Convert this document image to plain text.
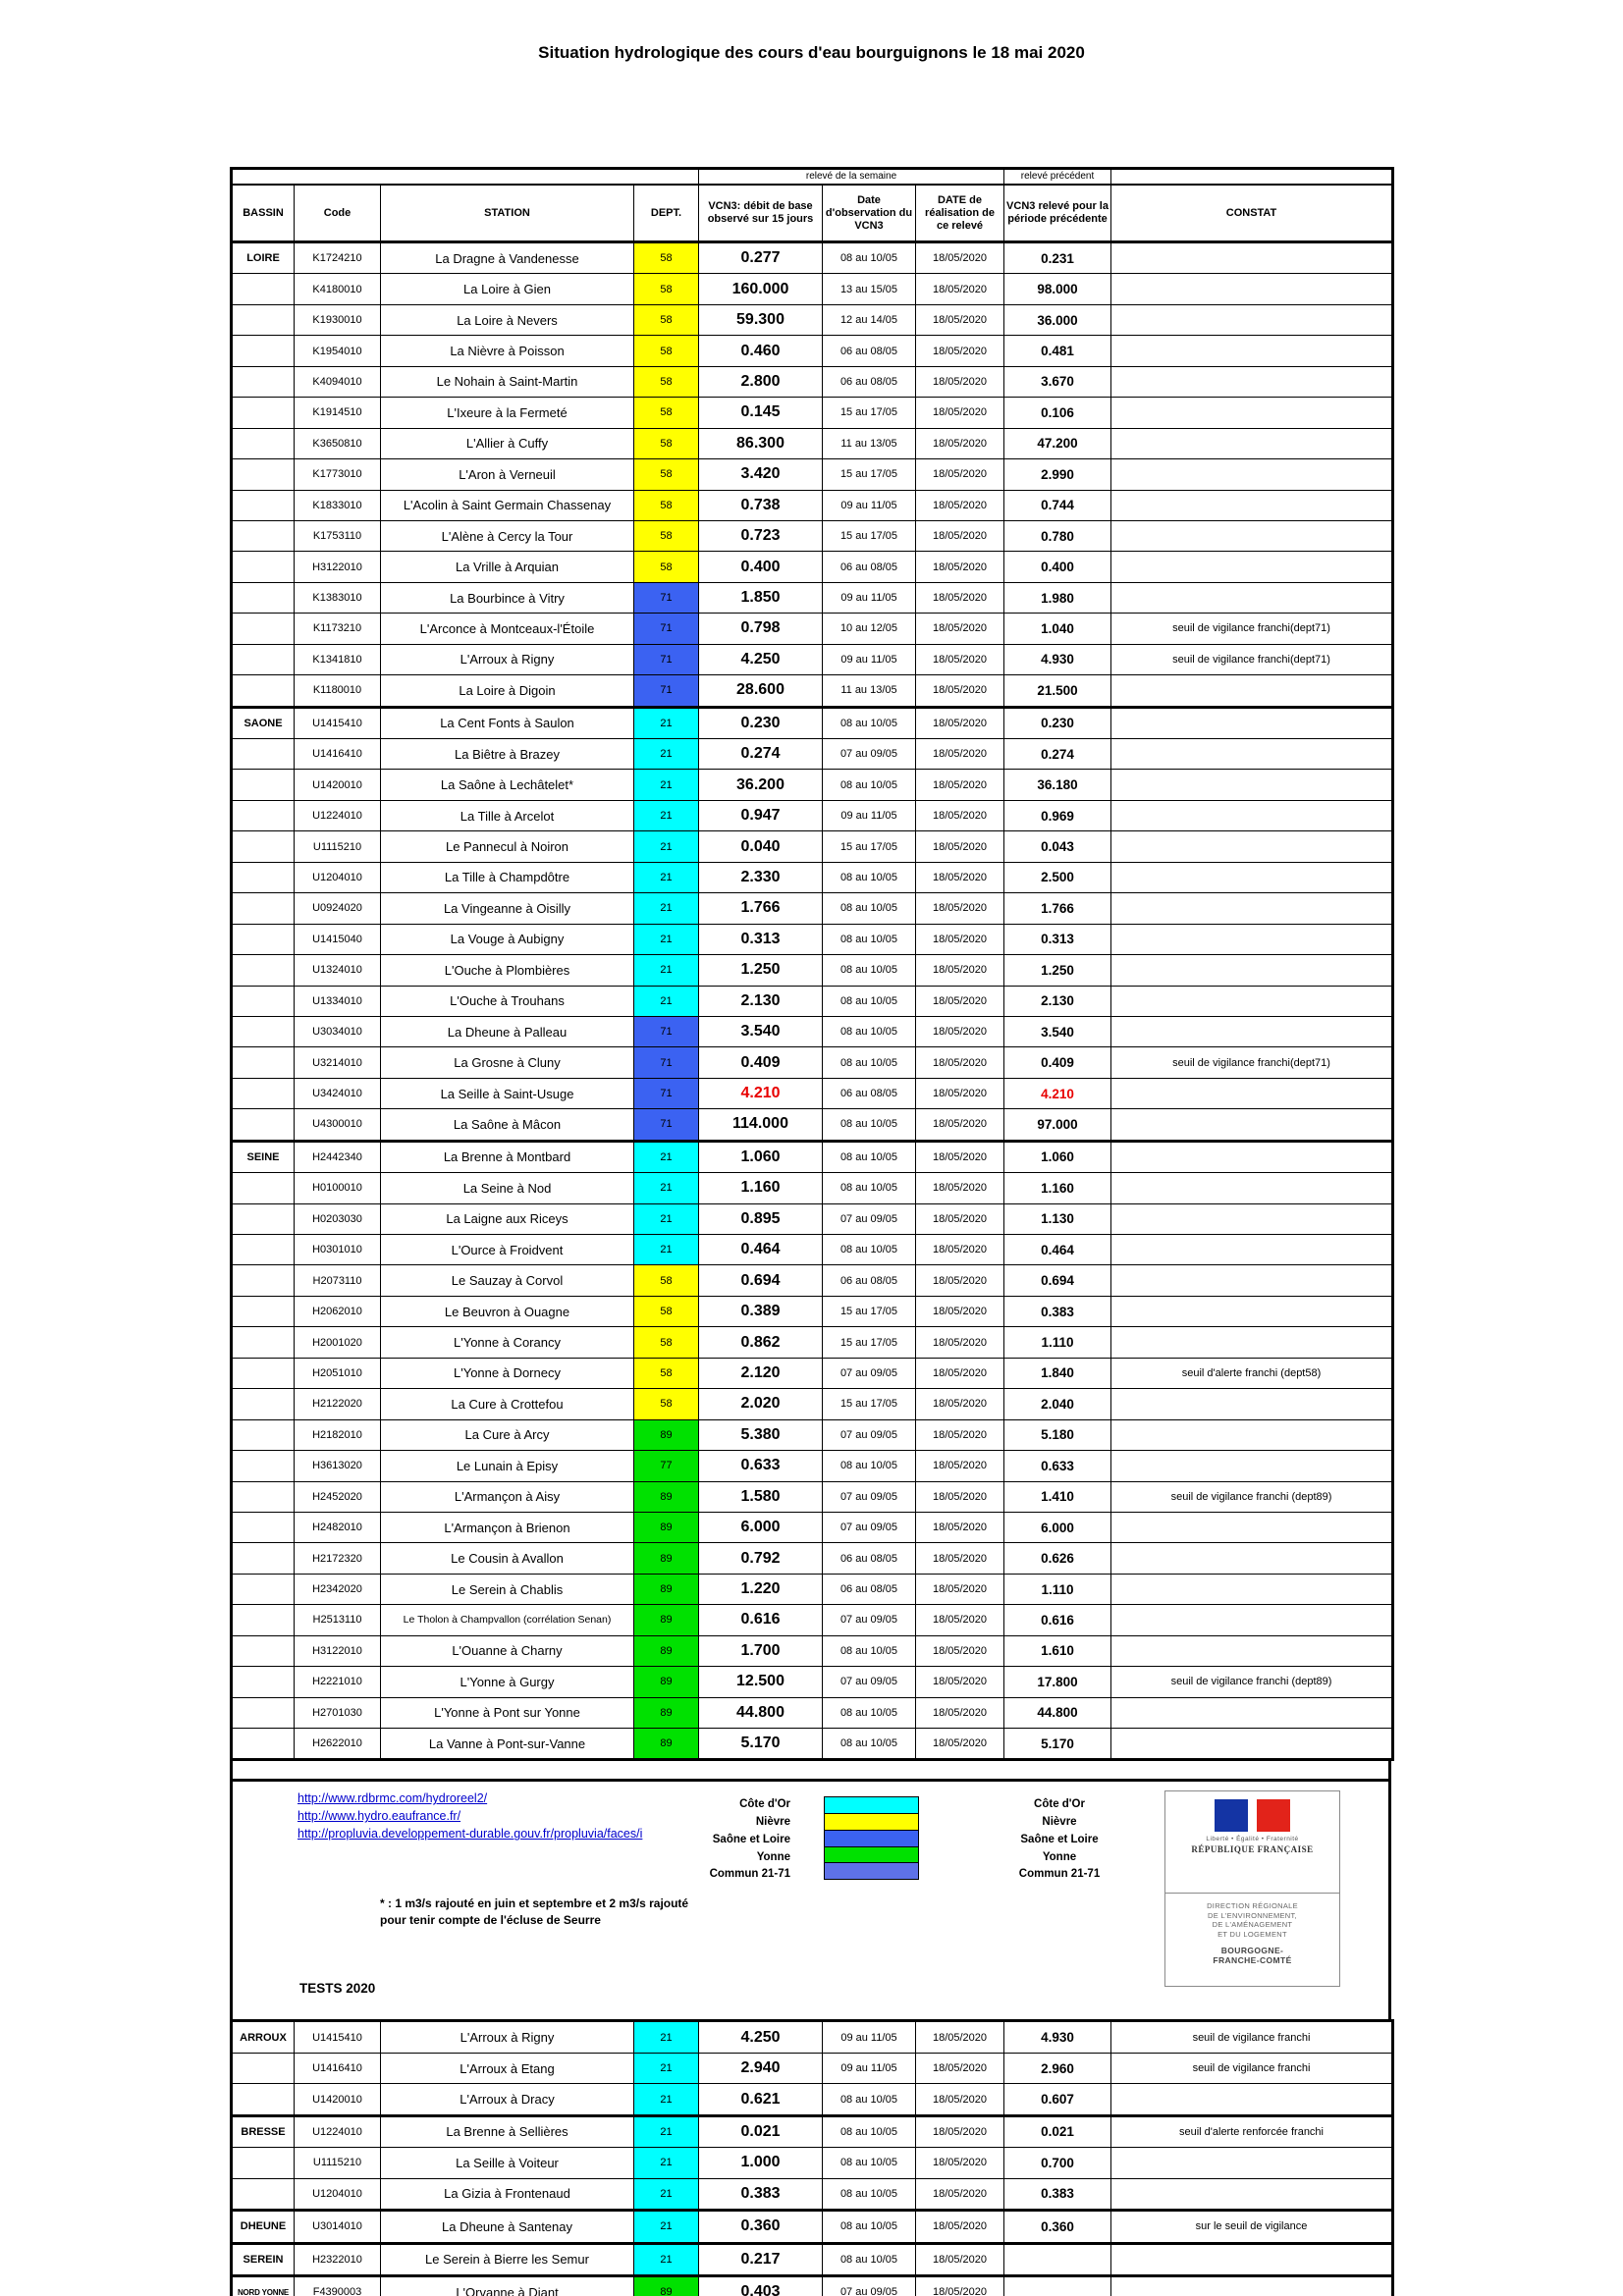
Situation hydrologique des cours d'eau bourguignons le 18 mai 2020
				relevé de la semaine			relevé précédent	
BASSIN	Code	STATION	DEPT.	VCN3: débit de base observé sur 15 jours	Date d'observation du VCN3	DATE de réalisation de ce relevé	VCN3 relevé pour la période précédente	CONSTAT
LOIRE	K1724210	La Dragne à Vandenesse	58	0.277	08 au 10/05	18/05/2020	0.231	
	K4180010	La Loire à Gien	58	160.000	13 au 15/05	18/05/2020	98.000	
	K1930010	La Loire à Nevers	58	59.300	12 au 14/05	18/05/2020	36.000	
	K1954010	La Nièvre à Poisson	58	0.460	06 au 08/05	18/05/2020	0.481	
	K4094010	Le Nohain à Saint-Martin	58	2.800	06 au 08/05	18/05/2020	3.670	
	K1914510	L'Ixeure à la Fermeté	58	0.145	15 au 17/05	18/05/2020	0.106	
	K3650810	L'Allier à Cuffy	58	86.300	11 au 13/05	18/05/2020	47.200	
	K1773010	L'Aron à Verneuil	58	3.420	15 au 17/05	18/05/2020	2.990	
	K1833010	L'Acolin à Saint Germain Chassenay	58	0.738	09 au 11/05	18/05/2020	0.744	
	K1753110	L'Alène à Cercy la Tour	58	0.723	15 au 17/05	18/05/2020	0.780	
	H3122010	La Vrille à Arquian	58	0.400	06 au 08/05	18/05/2020	0.400	
	K1383010	La Bourbince à Vitry	71	1.850	09 au 11/05	18/05/2020	1.980	
	K1173210	L'Arconce à Montceaux-l'Étoile	71	0.798	10 au 12/05	18/05/2020	1.040	seuil de vigilance franchi(dept71)
	K1341810	L'Arroux à Rigny	71	4.250	09 au 11/05	18/05/2020	4.930	seuil de vigilance franchi(dept71)
	K1180010	La Loire à Digoin	71	28.600	11 au 13/05	18/05/2020	21.500	
SAONE	U1415410	La Cent Fonts à Saulon	21	0.230	08 au 10/05	18/05/2020	0.230	
	U1416410	La Biêtre à Brazey	21	0.274	07 au 09/05	18/05/2020	0.274	
	U1420010	La Saône à Lechâtelet*	21	36.200	08 au 10/05	18/05/2020	36.180	
	U1224010	La Tille à Arcelot	21	0.947	09 au 11/05	18/05/2020	0.969	
	U1115210	Le Pannecul à Noiron	21	0.040	15 au 17/05	18/05/2020	0.043	
	U1204010	La Tille à Champdôtre	21	2.330	08 au 10/05	18/05/2020	2.500	
	U0924020	La Vingeanne à Oisilly	21	1.766	08 au 10/05	18/05/2020	1.766	
	U1415040	La Vouge à Aubigny	21	0.313	08 au 10/05	18/05/2020	0.313	
	U1324010	L'Ouche à Plombières	21	1.250	08 au 10/05	18/05/2020	1.250	
	U1334010	L'Ouche à Trouhans	21	2.130	08 au 10/05	18/05/2020	2.130	
	U3034010	La Dheune à Palleau	71	3.540	08 au 10/05	18/05/2020	3.540	
	U3214010	La Grosne à Cluny	71	0.409	08 au 10/05	18/05/2020	0.409	seuil de vigilance franchi(dept71)
	U3424010	La Seille à Saint-Usuge	71	4.210	06 au 08/05	18/05/2020	4.210	
	U4300010	La Saône à Mâcon	71	114.000	08 au 10/05	18/05/2020	97.000	
SEINE	H2442340	La Brenne à Montbard	21	1.060	08 au 10/05	18/05/2020	1.060	
	H0100010	La Seine à Nod	21	1.160	08 au 10/05	18/05/2020	1.160	
	H0203030	La Laigne aux Riceys	21	0.895	07 au 09/05	18/05/2020	1.130	
	H0301010	L'Ource à Froidvent	21	0.464	08 au 10/05	18/05/2020	0.464	
	H2073110	Le Sauzay à Corvol	58	0.694	06 au 08/05	18/05/2020	0.694	
	H2062010	Le Beuvron à Ouagne	58	0.389	15 au 17/05	18/05/2020	0.383	
	H2001020	L'Yonne à Corancy	58	0.862	15 au 17/05	18/05/2020	1.110	
	H2051010	L'Yonne à Dornecy	58	2.120	07 au 09/05	18/05/2020	1.840	seuil d'alerte franchi (dept58)
	H2122020	La Cure à Crottefou	58	2.020	15 au 17/05	18/05/2020	2.040	
	H2182010	La Cure à Arcy	89	5.380	07 au 09/05	18/05/2020	5.180	
	H3613020	Le Lunain à Episy	77	0.633	08 au 10/05	18/05/2020	0.633	
	H2452020	L'Armançon à Aisy	89	1.580	07 au 09/05	18/05/2020	1.410	seuil de vigilance franchi (dept89)
	H2482010	L'Armançon à Brienon	89	6.000	07 au 09/05	18/05/2020	6.000	
	H2172320	Le Cousin à Avallon	89	0.792	06 au 08/05	18/05/2020	0.626	
	H2342020	Le Serein à Chablis	89	1.220	06 au 08/05	18/05/2020	1.110	
	H2513110	Le Tholon à Champvallon (corrélation Senan)	89	0.616	07 au 09/05	18/05/2020	0.616	
	H3122010	L'Ouanne à Charny	89	1.700	08 au 10/05	18/05/2020	1.610	
	H2221010	L'Yonne à Gurgy	89	12.500	07 au 09/05	18/05/2020	17.800	seuil de vigilance franchi (dept89)
	H2701030	L'Yonne à Pont sur Yonne	89	44.800	08 au 10/05	18/05/2020	44.800	
	H2622010	La Vanne à Pont-sur-Vanne	89	5.170	08 au 10/05	18/05/2020	5.170	
http://www.rdbrmc.com/hydroreel2/
http://www.hydro.eaufrance.fr/
http://propluvia.developpement-durable.gouv.fr/propluvia/faces/i
Côte d'Or
Nièvre
Saône et Loire
Yonne
Commun 21-71
Côte d'Or
Nièvre
Saône et Loire
Yonne
Commun 21-71
* : 1 m3/s rajouté en juin et septembre et 2 m3/s rajouté
pour tenir compte de l'écluse de Seurre
TESTS 2020
Liberté • Égalité • Fraternité
RÉPUBLIQUE FRANÇAISE
DIRECTION RÉGIONALE
DE L'ENVIRONNEMENT,
DE L'AMÉNAGEMENT
ET DU LOGEMENT
BOURGOGNE-
FRANCHE-COMTÉ
ARROUX	U1415410	L'Arroux à Rigny	21	4.250	09 au 11/05	18/05/2020	4.930	seuil de vigilance franchi
	U1416410	L'Arroux à Etang	21	2.940	09 au 11/05	18/05/2020	2.960	seuil de vigilance franchi
	U1420010	L'Arroux à Dracy	21	0.621	08 au 10/05	18/05/2020	0.607	
BRESSE	U1224010	La Brenne à Sellières	21	0.021	08 au 10/05	18/05/2020	0.021	seuil d'alerte renforcée franchi
	U1115210	La Seille à Voiteur	21	1.000	08 au 10/05	18/05/2020	0.700	
	U1204010	La Gizia à Frontenaud	21	0.383	08 au 10/05	18/05/2020	0.383	
DHEUNE	U3014010	La Dheune à Santenay	21	0.360	08 au 10/05	18/05/2020	0.360	sur le seuil de vigilance
SEREIN	H2322010	Le Serein à Bierre les Semur	21	0.217	08 au 10/05	18/05/2020		
NORD YONNE	F4390003	L'Orvanne à Diant	89	0.403	07 au 09/05	18/05/2020		
